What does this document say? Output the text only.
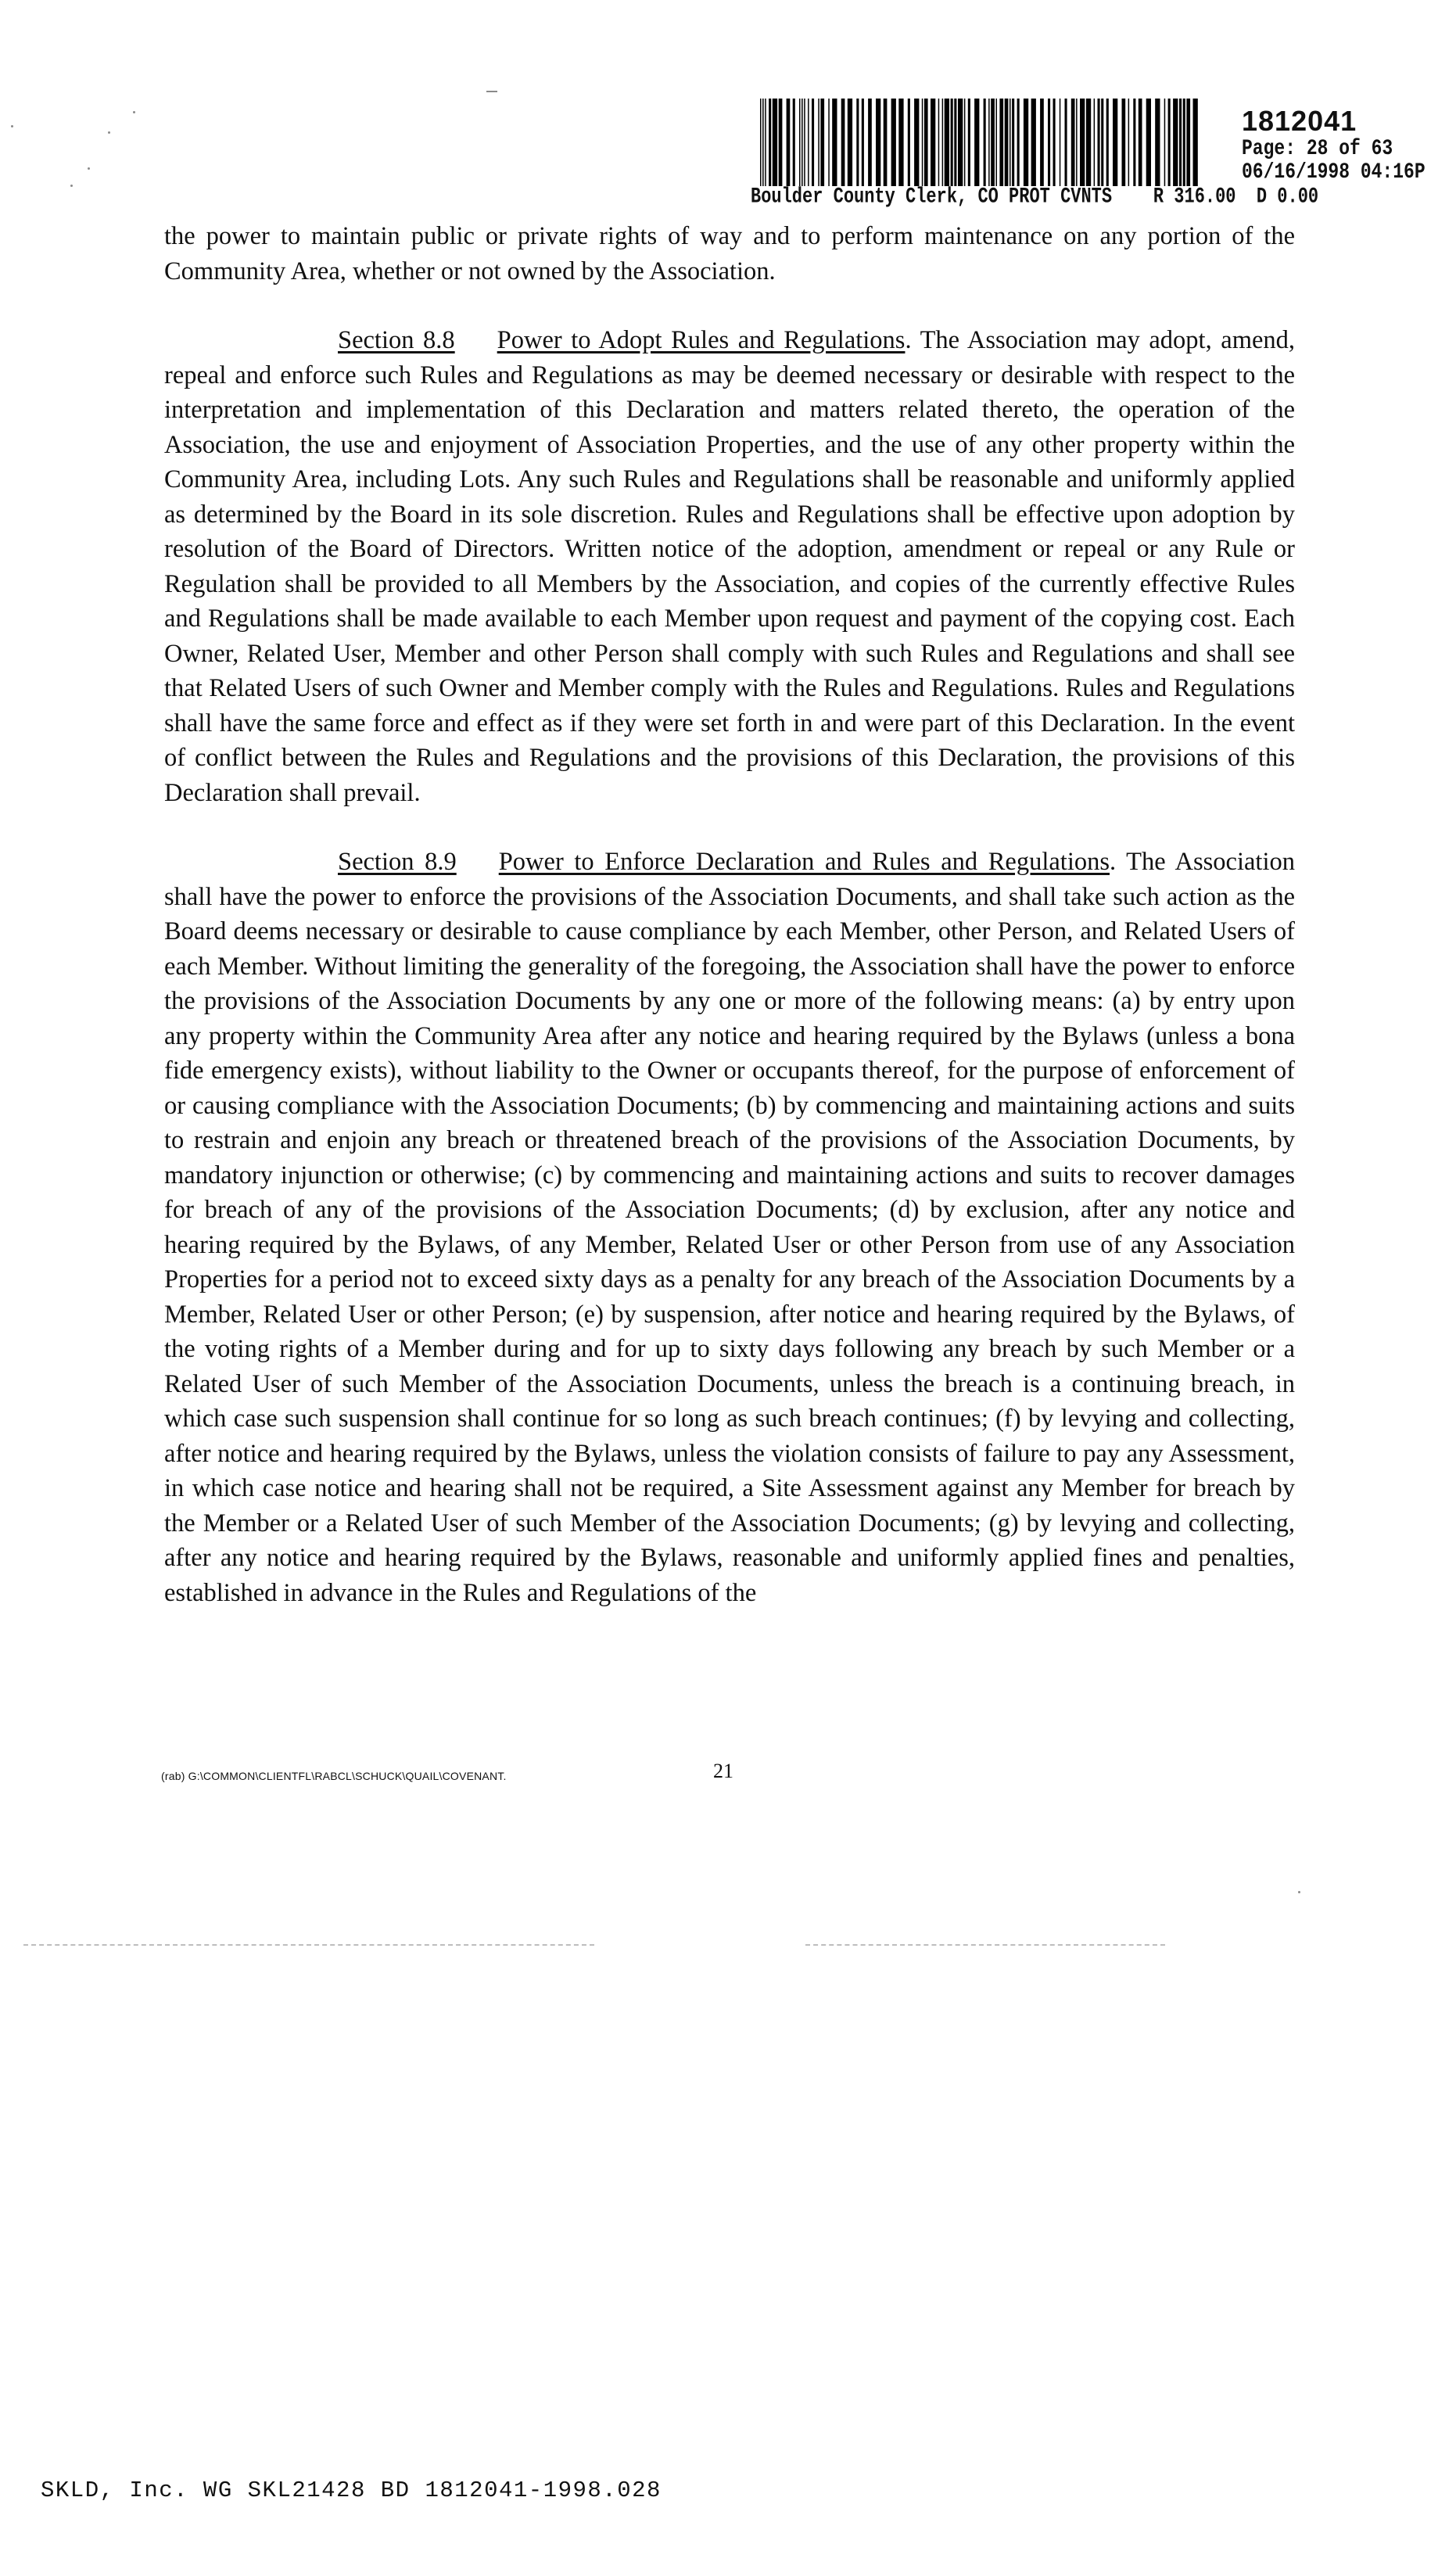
1812041
Page: 28 of 63
06/16/1998 04:16P
Boulder County Clerk, CO PROT CVNTS    R 316.00  D 0.00

the power to maintain public or private rights of way and to perform maintenance on any portion of the Community Area, whether or not owned by the Association.

Section 8.8 Power to Adopt Rules and Regulations. The Association may adopt, amend, repeal and enforce such Rules and Regulations as may be deemed necessary or desirable with respect to the interpretation and implementation of this Declaration and matters related thereto, the operation of the Association, the use and enjoyment of Association Properties, and the use of any other property within the Community Area, including Lots. Any such Rules and Regulations shall be reasonable and uniformly applied as determined by the Board in its sole discretion. Rules and Regulations shall be effective upon adoption by resolution of the Board of Directors. Written notice of the adoption, amendment or repeal or any Rule or Regulation shall be provided to all Members by the Association, and copies of the currently effective Rules and Regulations shall be made available to each Member upon request and payment of the copying cost. Each Owner, Related User, Member and other Person shall comply with such Rules and Regulations and shall see that Related Users of such Owner and Member comply with the Rules and Regulations. Rules and Regulations shall have the same force and effect as if they were set forth in and were part of this Declaration. In the event of conflict between the Rules and Regulations and the provisions of this Declaration, the provisions of this Declaration shall prevail.

Section 8.9 Power to Enforce Declaration and Rules and Regulations. The Association shall have the power to enforce the provisions of the Association Documents, and shall take such action as the Board deems necessary or desirable to cause compliance by each Member, other Person, and Related Users of each Member. Without limiting the generality of the foregoing, the Association shall have the power to enforce the provisions of the Association Documents by any one or more of the following means: (a) by entry upon any property within the Community Area after any notice and hearing required by the Bylaws (unless a bona fide emergency exists), without liability to the Owner or occupants thereof, for the purpose of enforcement of or causing compliance with the Association Documents; (b) by commencing and maintaining actions and suits to restrain and enjoin any breach or threatened breach of the provisions of the Association Documents, by mandatory injunction or otherwise; (c) by commencing and maintaining actions and suits to recover damages for breach of any of the provisions of the Association Documents; (d) by exclusion, after any notice and hearing required by the Bylaws, of any Member, Related User or other Person from use of any Association Properties for a period not to exceed sixty days as a penalty for any breach of the Association Documents by a Member, Related User or other Person; (e) by suspension, after notice and hearing required by the Bylaws, of the voting rights of a Member during and for up to sixty days following any breach by such Member or a Related User of such Member of the Association Documents, unless the breach is a continuing breach, in which case such suspension shall continue for so long as such breach continues; (f) by levying and collecting, after notice and hearing required by the Bylaws, unless the violation consists of failure to pay any Assessment, in which case notice and hearing shall not be required, a Site Assessment against any Member for breach by the Member or a Related User of such Member of the Association Documents; (g) by levying and collecting, after any notice and hearing required by the Bylaws, reasonable and uniformly applied fines and penalties, established in advance in the Rules and Regulations of the

(rab) G:\COMMON\CLIENTFL\RABCL\SCHUCK\QUAIL\COVENANT.	21
SKLD, Inc. WG SKL21428 BD 1812041-1998.028
